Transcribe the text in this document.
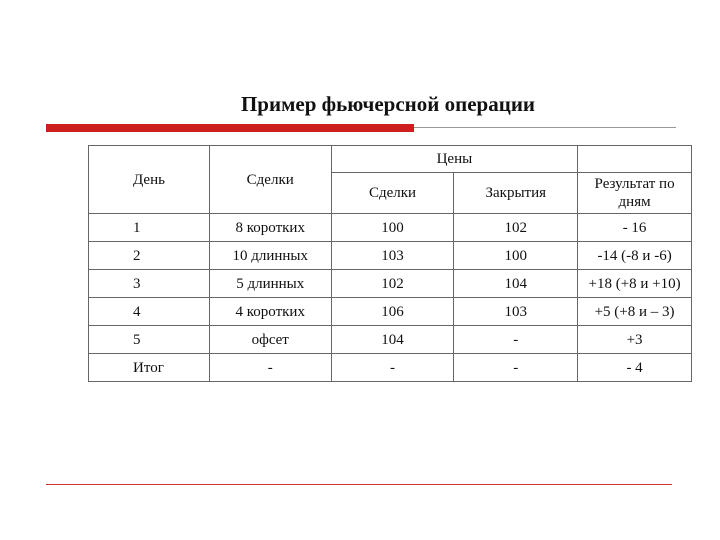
Пример фьючерсной операции
День	Сделки	Цены		
		Сделки	Закрытия	Результат по дням
1	8 коротких	100	102	- 16
2	10 длинных	103	100	-14 (-8 и -6)
3	5 длинных	102	104	+18 (+8 и +10)
4	4 коротких	106	103	+5 (+8 и – 3)
5	офсет	104	-	+3
Итог	-	-	-	- 4
